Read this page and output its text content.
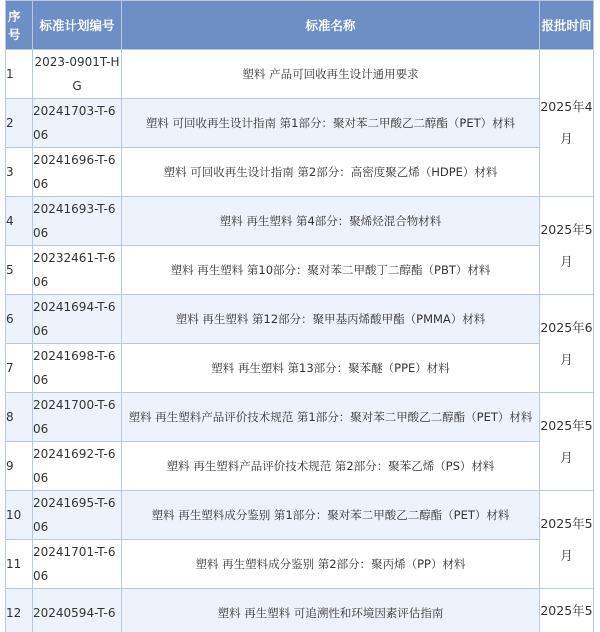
序号	标准计划编号	标准名称	报批时间
1	2023-0901T-HG	塑料 产品可回收再生设计通用要求	2025年4月
2	20241703-T-606	塑料 可回收再生设计指南 第1部分：聚对苯二甲酸乙二醇酯（PET）材料	
3	20241696-T-606	塑料 可回收再生设计指南 第2部分：高密度聚乙烯（HDPE）材料	
4	20241693-T-606	塑料 再生塑料 第4部分：聚烯烃混合物材料	2025年5月
5	20232461-T-606	塑料 再生塑料 第10部分：聚对苯二甲酸丁二醇酯（PBT）材料	
6	20241694-T-606	塑料 再生塑料 第12部分：聚甲基丙烯酸甲酯（PMMA）材料	2025年6月
7	20241698-T-606	塑料 再生塑料 第13部分：聚苯醚（PPE）材料	
8	20241700-T-606	塑料 再生塑料产品评价技术规范 第1部分：聚对苯二甲酸乙二醇酯（PET）材料	2025年5月
9	20241692-T-606	塑料 再生塑料产品评价技术规范 第2部分：聚苯乙烯（PS）材料	
10	20241695-T-606	塑料 再生塑料成分鉴别 第1部分：聚对苯二甲酸乙二醇酯（PET）材料	2025年5月
11	20241701-T-606	塑料 再生塑料成分鉴别 第2部分：聚丙烯（PP）材料	
12	20240594-T-6	塑料 再生塑料 可追溯性和环境因素评估指南	2025年5
